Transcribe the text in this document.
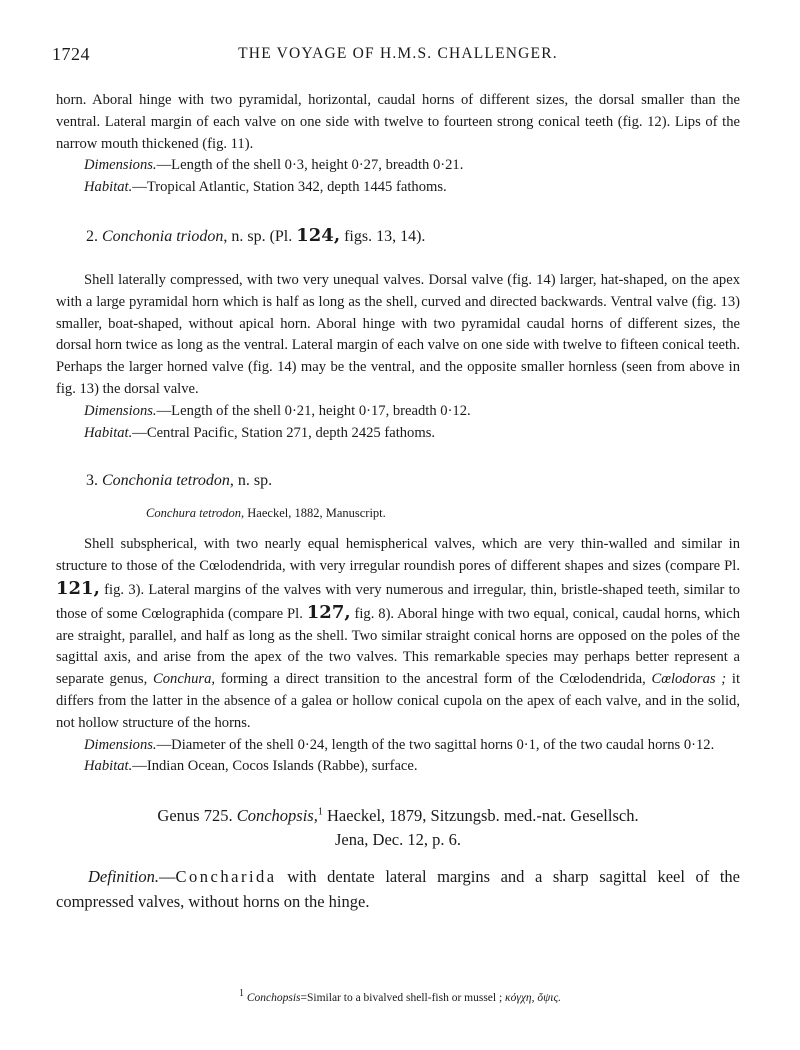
1724	THE VOYAGE OF H.M.S. CHALLENGER.

horn. Aboral hinge with two pyramidal, horizontal, caudal horns of different sizes, the dorsal smaller than the ventral. Lateral margin of each valve on one side with twelve to fourteen strong conical teeth (fig. 12). Lips of the narrow mouth thickened (fig. 11).

Dimensions.—Length of the shell 0·3, height 0·27, breadth 0·21.

Habitat.—Tropical Atlantic, Station 342, depth 1445 fathoms.

2. Conchonia triodon, n. sp. (Pl. 124, figs. 13, 14).

Shell laterally compressed, with two very unequal valves. Dorsal valve (fig. 14) larger, hat-shaped, on the apex with a large pyramidal horn which is half as long as the shell, curved and directed backwards. Ventral valve (fig. 13) smaller, boat-shaped, without apical horn. Aboral hinge with two pyramidal caudal horns of different sizes, the dorsal horn twice as long as the ventral. Lateral margin of each valve on one side with twelve to fifteen conical teeth. Perhaps the larger horned valve (fig. 14) may be the ventral, and the opposite smaller hornless (seen from above in fig. 13) the dorsal valve.

Dimensions.—Length of the shell 0·21, height 0·17, breadth 0·12.

Habitat.—Central Pacific, Station 271, depth 2425 fathoms.

3. Conchonia tetrodon, n. sp.

Conchura tetrodon, Haeckel, 1882, Manuscript.

Shell subspherical, with two nearly equal hemispherical valves, which are very thin-walled and similar in structure to those of the Cœlodendrida, with very irregular roundish pores of different shapes and sizes (compare Pl. 121, fig. 3). Lateral margins of the valves with very numerous and irregular, thin, bristle-shaped teeth, similar to those of some Cœlographida (compare Pl. 127, fig. 8). Aboral hinge with two equal, conical, caudal horns, which are straight, parallel, and half as long as the shell. Two similar straight conical horns are opposed on the poles of the sagittal axis, and arise from the apex of the two valves. This remarkable species may perhaps better represent a separate genus, Conchura, forming a direct transition to the ancestral form of the Cœlodendrida, Cœlodoras ; it differs from the latter in the absence of a galea or hollow conical cupola on the apex of each valve, and in the solid, not hollow structure of the horns.

Dimensions.—Diameter of the shell 0·24, length of the two sagittal horns 0·1, of the two caudal horns 0·12.

Habitat.—Indian Ocean, Cocos Islands (Rabbe), surface.

Genus 725. Conchopsis,$^1$ Haeckel, 1879, Sitzungsb. med.-nat. Gesellsch.
Jena, Dec. 12, p. 6.

Definition.—Concharida with dentate lateral margins and a sharp sagittal keel of the compressed valves, without horns on the hinge.

$^1$ Conchopsis=Similar to a bivalved shell-fish or mussel ; κόγχη, ὄψις.
